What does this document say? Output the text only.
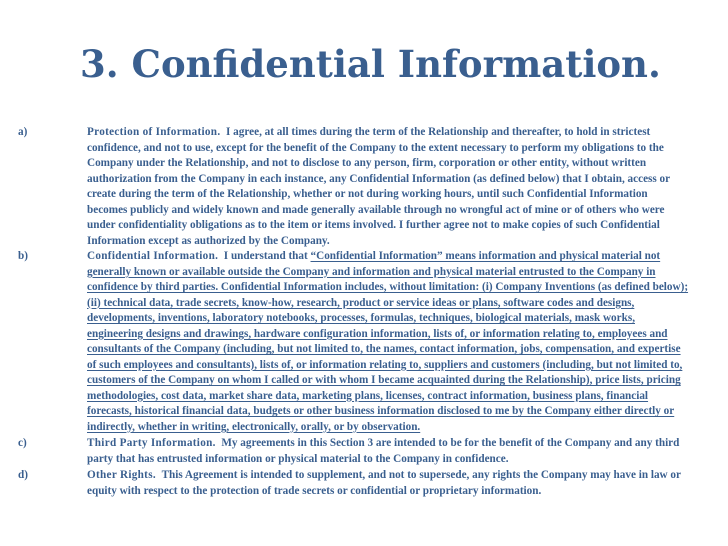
3. Confidential Information.
a)	Protection of Information. I agree, at all times during the term of the Relationship and thereafter, to hold in strictest confidence, and not to use, except for the benefit of the Company to the extent necessary to perform my obligations to the Company under the Relationship, and not to disclose to any person, firm, corporation or other entity, without written authorization from the Company in each instance, any Confidential Information (as defined below) that I obtain, access or create during the term of the Relationship, whether or not during working hours, until such Confidential Information becomes publicly and widely known and made generally available through no wrongful act of mine or of others who were under confidentiality obligations as to the item or items involved. I further agree not to make copies of such Confidential Information except as authorized by the Company.
b)	Confidential Information. I understand that “Confidential Information” means information and physical material not generally known or available outside the Company and information and physical material entrusted to the Company in confidence by third parties. Confidential Information includes, without limitation: (i) Company Inventions (as defined below); (ii) technical data, trade secrets, know-how, research, product or service ideas or plans, software codes and designs, developments, inventions, laboratory notebooks, processes, formulas, techniques, biological materials, mask works, engineering designs and drawings, hardware configuration information, lists of, or information relating to, employees and consultants of the Company (including, but not limited to, the names, contact information, jobs, compensation, and expertise of such employees and consultants), lists of, or information relating to, suppliers and customers (including, but not limited to, customers of the Company on whom I called or with whom I became acquainted during the Relationship), price lists, pricing methodologies, cost data, market share data, marketing plans, licenses, contract information, business plans, financial forecasts, historical financial data, budgets or other business information disclosed to me by the Company either directly or indirectly, whether in writing, electronically, orally, or by observation.
c)	Third Party Information. My agreements in this Section 3 are intended to be for the benefit of the Company and any third party that has entrusted information or physical material to the Company in confidence.
d)	Other Rights. This Agreement is intended to supplement, and not to supersede, any rights the Company may have in law or equity with respect to the protection of trade secrets or confidential or proprietary information.
